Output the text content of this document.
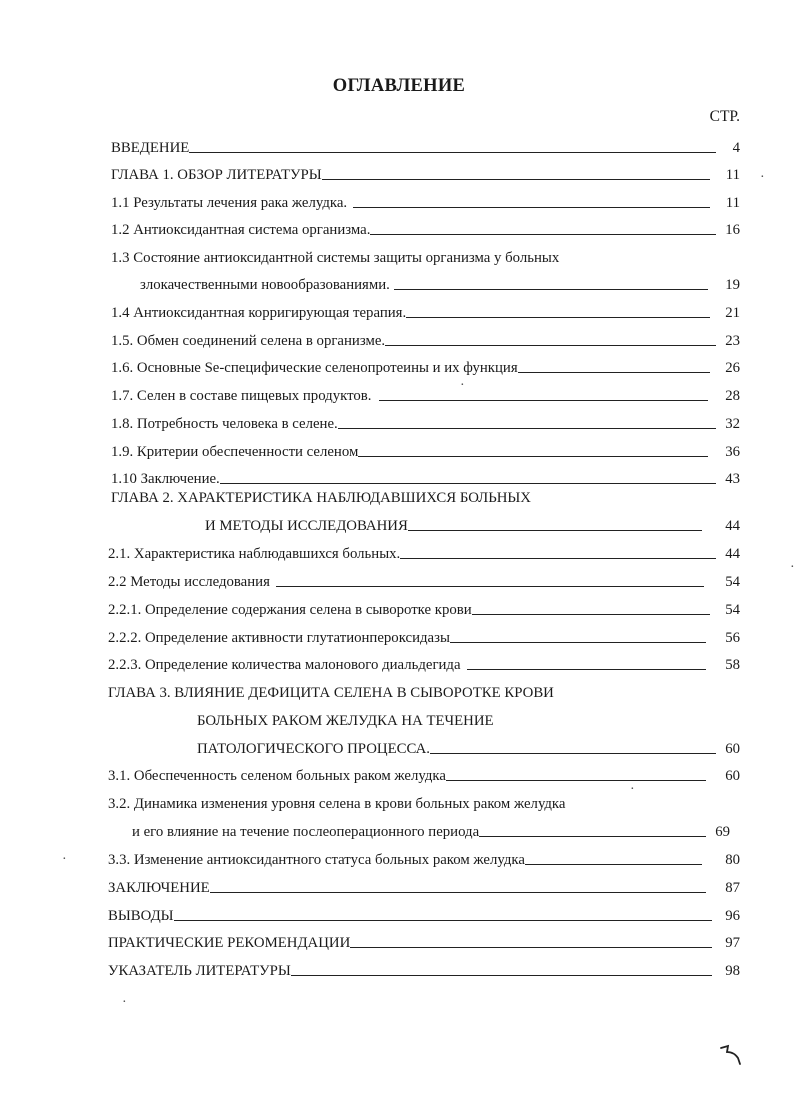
ОГЛАВЛЕНИЕ
СТР.
ВВЕДЕНИЕ	4
ГЛАВА 1. ОБЗОР ЛИТЕРАТУРЫ	11
1.1 Результаты лечения рака желудка.	11
1.2 Антиоксидантная система организма.	16
1.3 Состояние антиоксидантной системы защиты организма у больных
злокачественными новообразованиями.	19
1.4 Антиоксидантная корригирующая терапия.	21
1.5. Обмен соединений селена в организме.	23
1.6. Основные Se-специфические селенопротеины и их функция	26
1.7. Селен в составе пищевых продуктов.	28
1.8. Потребность человека в селене.	32
1.9. Критерии обеспеченности селеном	36
1.10 Заключение.	43
ГЛАВА 2. ХАРАКТЕРИСТИКА НАБЛЮДАВШИХСЯ БОЛЬНЫХ
И МЕТОДЫ ИССЛЕДОВАНИЯ	44
2.1. Характеристика наблюдавшихся больных.	44
2.2 Методы исследования	54
2.2.1. Определение содержания селена в сыворотке крови	54
2.2.2. Определение активности глутатионпероксидазы	56
2.2.3. Определение количества малонового диальдегида	58
ГЛАВА 3. ВЛИЯНИЕ ДЕФИЦИТА СЕЛЕНА В СЫВОРОТКЕ КРОВИ
БОЛЬНЫХ РАКОМ ЖЕЛУДКА НА ТЕЧЕНИЕ
ПАТОЛОГИЧЕСКОГО ПРОЦЕССА.	60
3.1. Обеспеченность селеном больных раком желудка	60
3.2. Динамика изменения уровня селена в крови больных раком желудка
и его влияние на течение послеоперационного периода	69
3.3. Изменение антиоксидантного статуса больных раком желудка	80
ЗАКЛЮЧЕНИЕ	87
ВЫВОДЫ	96
ПРАКТИЧЕСКИЕ РЕКОМЕНДАЦИИ	97
УКАЗАТЕЛЬ ЛИТЕРАТУРЫ	98
·
·
·
·
·
·
